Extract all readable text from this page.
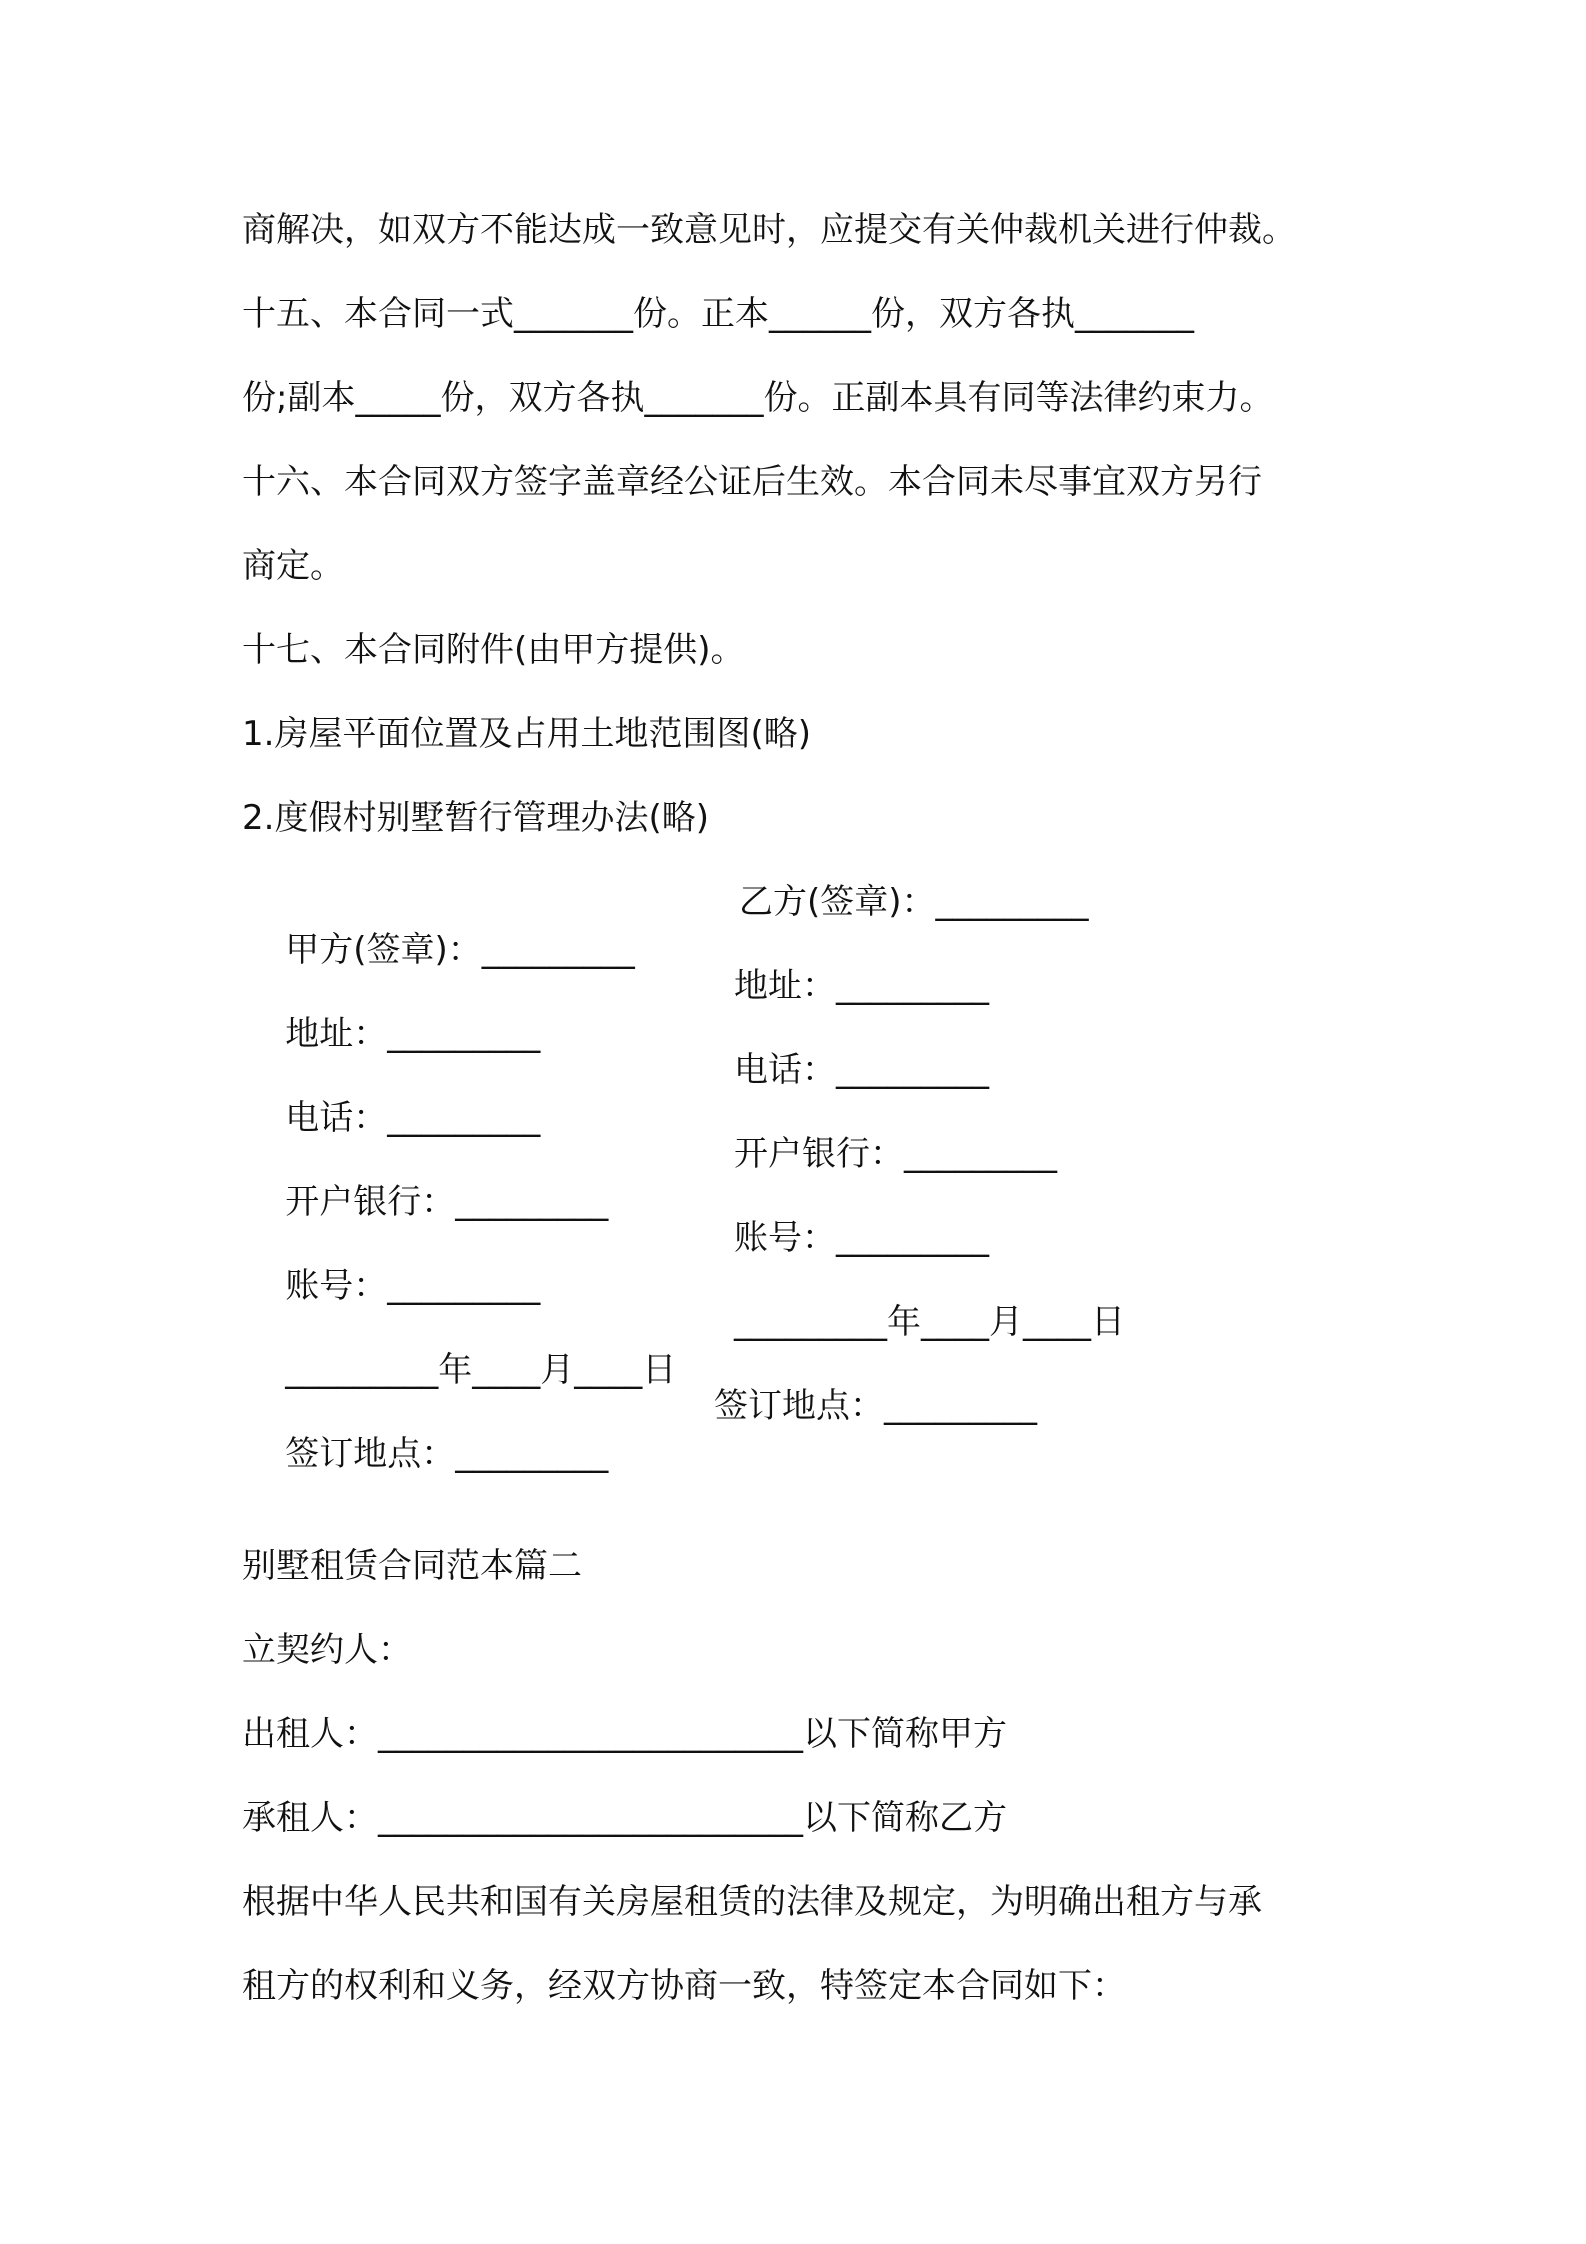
商解决，如双方不能达成一致意见时，应提交有关仲裁机关进行仲裁。
十五、本合同一式_______份。正本______份，双方各执_______
份;副本_____份，双方各执_______份。正副本具有同等法律约束力。
十六、本合同双方签字盖章经公证后生效。本合同未尽事宜双方另行
商定。
十七、本合同附件(由甲方提供)。
1.房屋平面位置及占用土地范围图(略)
2.度假村别墅暂行管理办法(略)

甲方(签章)：_________

乙方(签章)：_________

地址：_________

地址：_________

电话：_________

电话：_________

开户银行：_________

开户银行：_________

账号：_________

账号：_________

_________年____月____日

_________年____月____日

签订地点：_________

签订地点：_________

别墅租赁合同范本篇二
立契约人：
出租人：_________________________以下简称甲方
承租人：_________________________以下简称乙方
根据中华人民共和国有关房屋租赁的法律及规定，为明确出租方与承
租方的权利和义务，经双方协商一致，特签定本合同如下：
